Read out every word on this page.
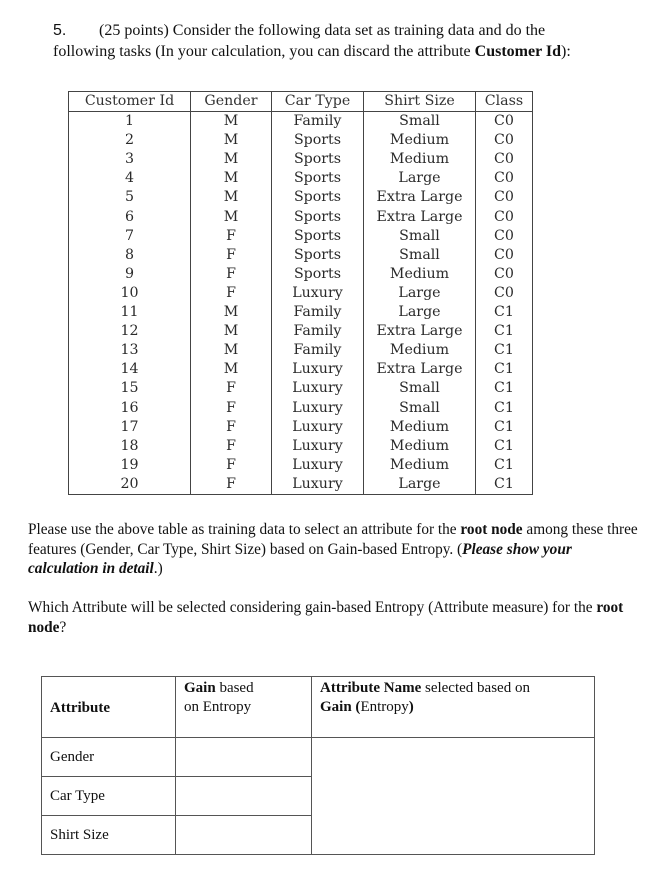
5. (25 points) Consider the following data set as training data and do the
following tasks (In your calculation, you can discard the attribute Customer Id):
Customer Id	Gender	Car Type	Shirt Size	Class
1	M	Family	Small	C0
2	M	Sports	Medium	C0
3	M	Sports	Medium	C0
4	M	Sports	Large	C0
5	M	Sports	Extra Large	C0
6	M	Sports	Extra Large	C0
7	F	Sports	Small	C0
8	F	Sports	Small	C0
9	F	Sports	Medium	C0
10	F	Luxury	Large	C0
11	M	Family	Large	C1
12	M	Family	Extra Large	C1
13	M	Family	Medium	C1
14	M	Luxury	Extra Large	C1
15	F	Luxury	Small	C1
16	F	Luxury	Small	C1
17	F	Luxury	Medium	C1
18	F	Luxury	Medium	C1
19	F	Luxury	Medium	C1
20	F	Luxury	Large	C1
Please use the above table as training data to select an attribute for the root node among these three features (Gender, Car Type, Shirt Size) based on Gain-based Entropy. (Please show your calculation in detail.)
Which Attribute will be selected considering gain-based Entropy (Attribute measure) for the root node?
Attribute	Gain based
on Entropy	Attribute Name selected based on
Gain (Entropy)
Gender		
Car Type		
Shirt Size		
